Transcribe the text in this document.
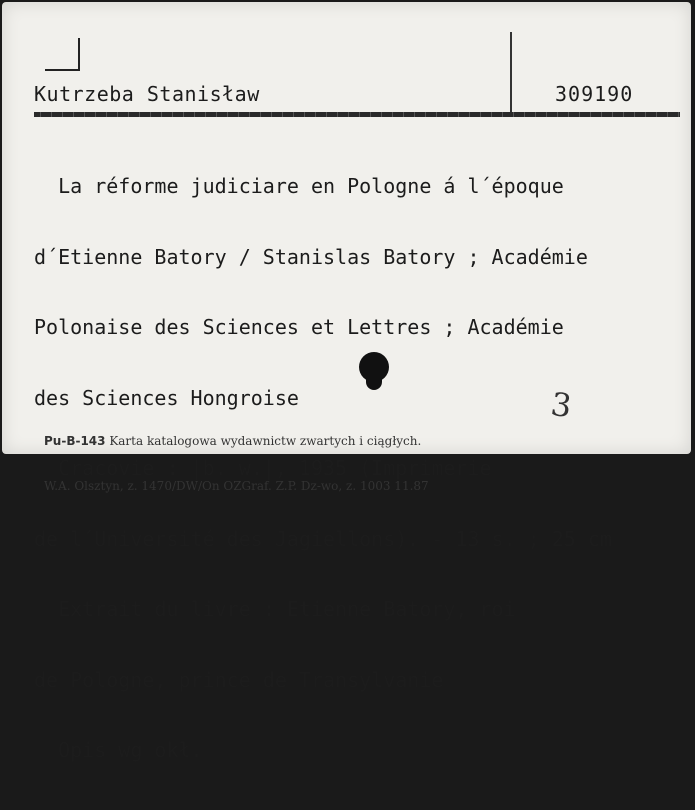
Kutrzeba Stanisław	309190

La réforme judiciare en Pologne á l´époque

d´Etienne Batory / Stanislas Batory ; Académie

Polonaise des Sciences et Lettres ; Académie

des Sciences Hongroise

Cracovie : |b. w.|, 1935 (Imprimerie

de l´Université des Jagiellons). - 13 s. ; 25 cm

Extrait du livre : Etienne Batory, roi

de Pologne, prince de Transylvanie

Opis wg okł.

Pu-B-143 Karta katalogowa wydawnictw zwartych i ciągłych.

W.A. Olsztyn, z. 1470/DW/On OZGraf. Z.P. Dz-wo, z. 1003 11.87

3
